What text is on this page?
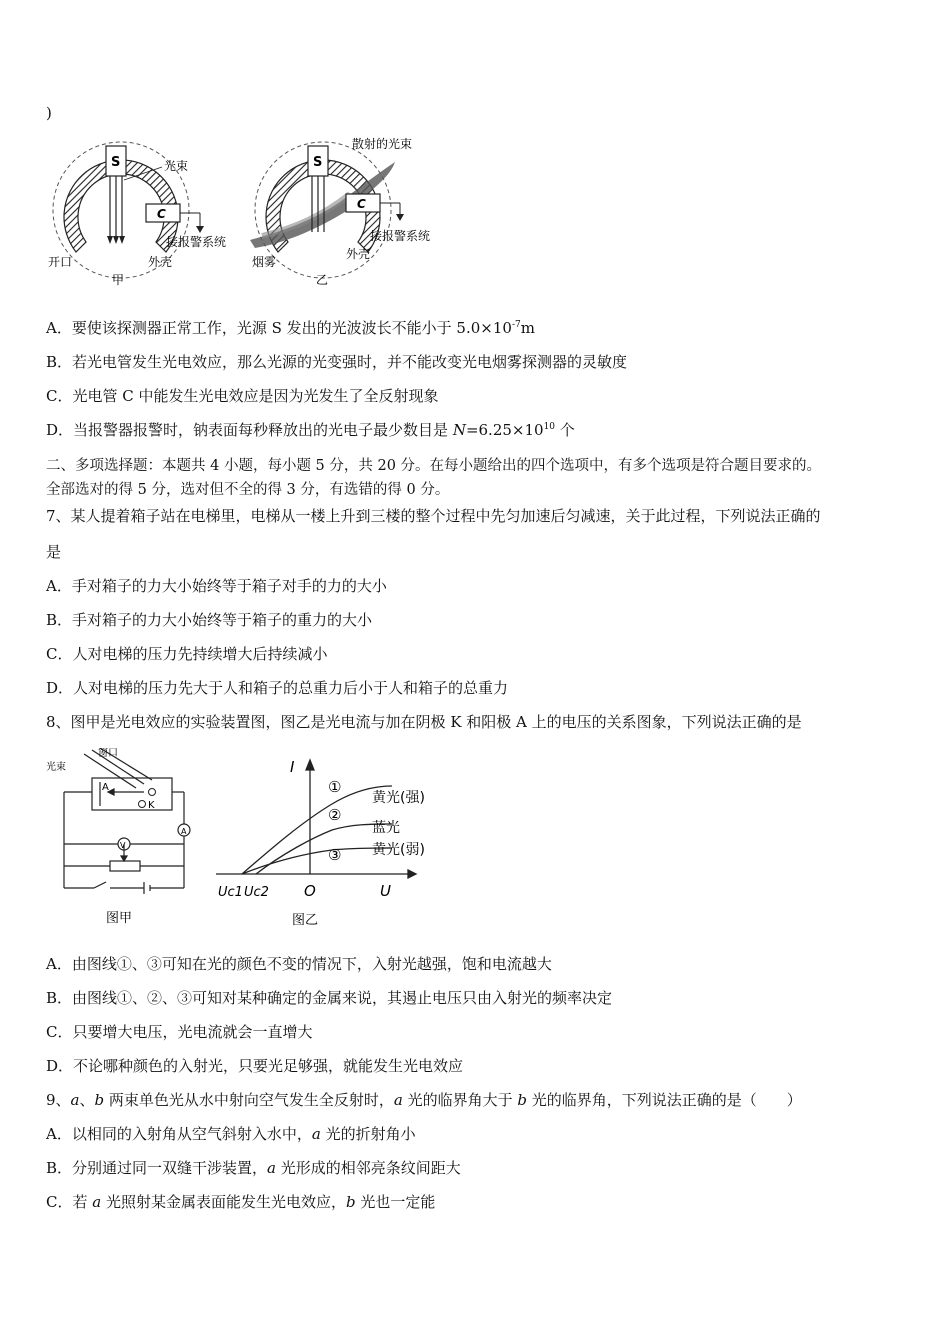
)
S
C
光束
接报警系统
开口	外壳
甲
S
C
散射的光束
接报警系统
烟雾
外壳
乙
A．要使该探测器正常工作，光源 S 发出的光波波长不能小于 $5.0\times 10^{-7}m$
B．若光电管发生光电效应，那么光源的光变强时，并不能改变光电烟雾探测器的灵敏度
C．光电管 C 中能发生光电效应是因为光发生了全反射现象
D．当报警器报警时，钠表面每秒释放出的光电子最少数目是 $N=6.25\times 10^{10}$ 个
二、多项选择题：本题共 4 小题，每小题 5 分，共 20 分。在每小题给出的四个选项中，有多个选项是符合题目要求的。
全部选对的得 5 分，选对但不全的得 3 分，有选错的得 0 分。
7、某人提着箱子站在电梯里，电梯从一楼上升到三楼的整个过程中先匀加速后匀减速，关于此过程，下列说法正确的
是
A．手对箱子的力大小始终等于箱子对手的力的大小
B．手对箱子的力大小始终等于箱子的重力的大小
C．人对电梯的压力先持续增大后持续减小
D．人对电梯的压力先大于人和箱子的总重力后小于人和箱子的总重力
8、图甲是光电效应的实验装置图，图乙是光电流与加在阴极 K 和阳极 A 上的电压的关系图象，下列说法正确的是
A
K
V
A
窗口
光束
图甲
I
U
O
Uc1 Uc2
①
②
③
黄光(强)
蓝光
黄光(弱)
图乙
A．由图线①、③可知在光的颜色不变的情况下，入射光越强，饱和电流越大
B．由图线①、②、③可知对某种确定的金属来说，其遏止电压只由入射光的频率决定
C．只要增大电压，光电流就会一直增大
D．不论哪种颜色的入射光，只要光足够强，就能发生光电效应
9、a、b 两束单色光从水中射向空气发生全反射时，a 光的临界角大于 b 光的临界角，下列说法正确的是（　　）
A．以相同的入射角从空气斜射入水中，a 光的折射角小
B．分别通过同一双缝干涉装置，a 光形成的相邻亮条纹间距大
C．若 a 光照射某金属表面能发生光电效应，b 光也一定能
